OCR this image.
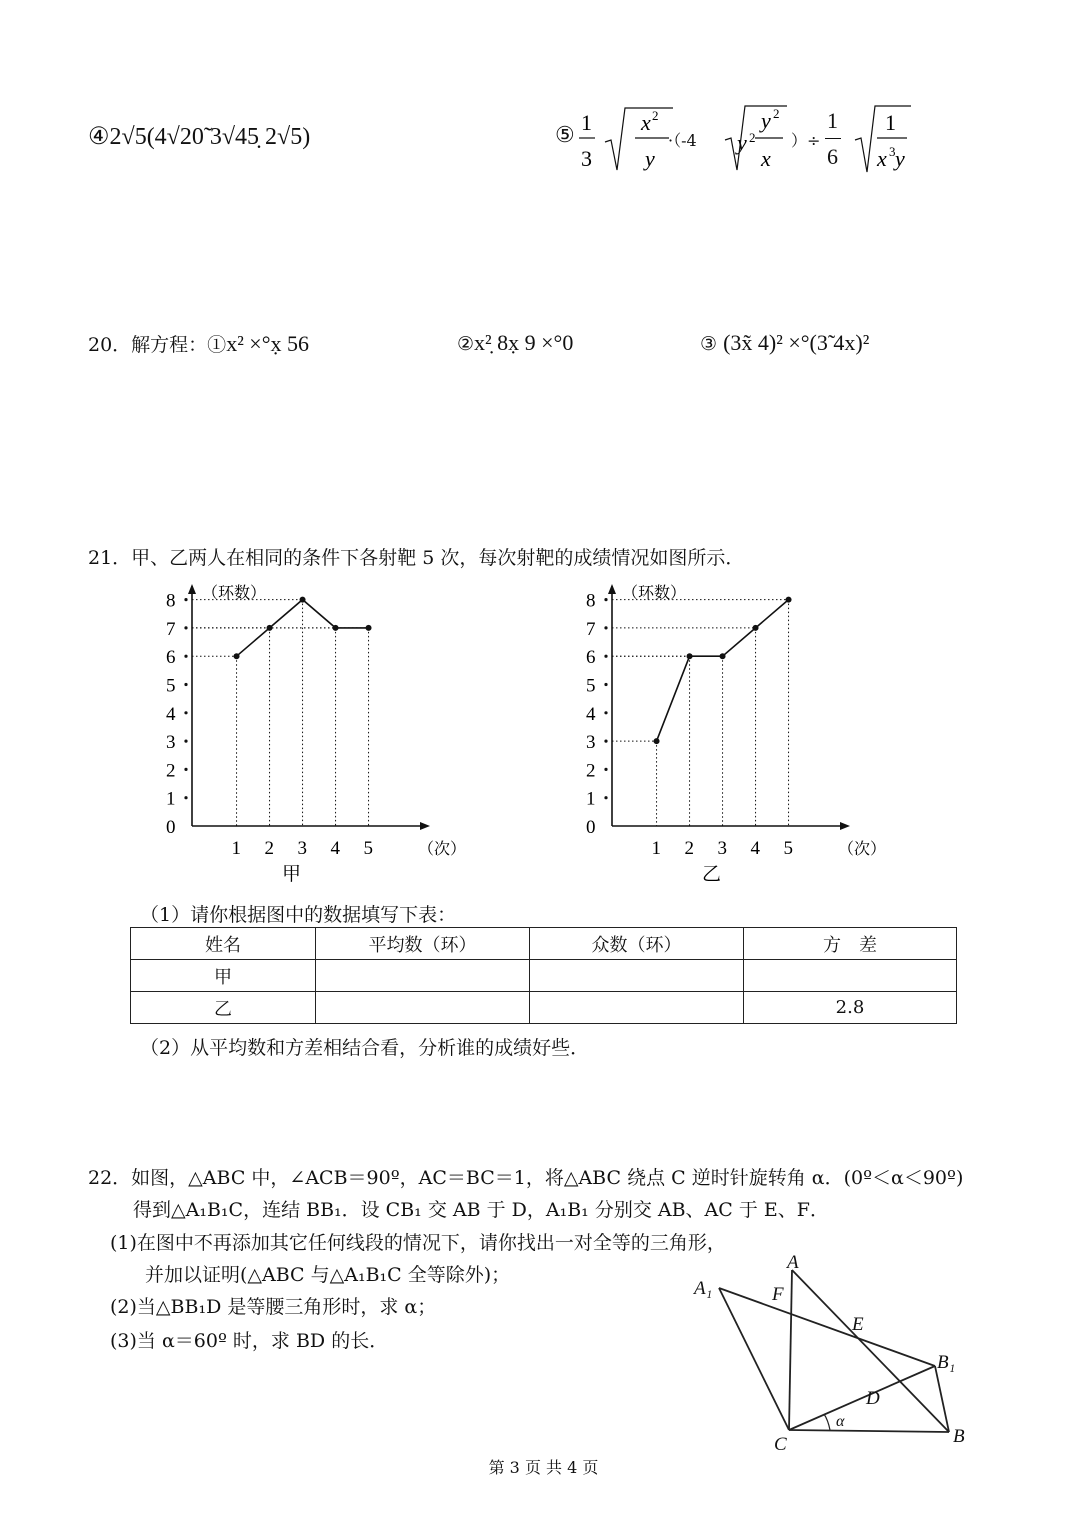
④2√5(4√20̃ 3√45̣ 2√5)	⑤ 1
3
x 2
y
y 2
y 2
x
1
x 3 y
·（-4	）÷
1
6
20．解方程：①x² ×°x̣ 56	②x²̣ 8x̣ 9 ×°0	③ (3x̃ 4)² ×°(3̃ 4x)²
21．甲、乙两人在相同的条件下各射靶 5 次，每次射靶的成绩情况如图所示．
0
1
2
3
4
5
6
7
8
1 2 3 4 5
（环数）
（次）
甲
0
1
2
3
4
5
6
7
8
1 2 3 4 5
（环数）
（次）
乙
（1）请你根据图中的数据填写下表：
姓名	平均数（环）	众数（环）	方　差
甲			
乙			2.8
（2）从平均数和方差相结合看，分析谁的成绩好些．
22．如图，△ABC 中，∠ACB＝90º，AC＝BC＝1，将△ABC 绕点 C 逆时针旋转角 α．(0º＜α＜90º)
得到△A₁B₁C，连结 BB₁．设 CB₁ 交 AB 于 D，A₁B₁ 分别交 AB、AC 于 E、F．
(1)在图中不再添加其它任何线段的情况下，请你找出一对全等的三角形，
并加以证明(△ABC 与△A₁B₁C 全等除外)；
(2)当△BB₁D 是等腰三角形时，求 α；
(3)当 α＝60º 时，求 BD 的长．
A
A₁	F
E
B₁
D
α
C	B
第 3 页 共 4 页
